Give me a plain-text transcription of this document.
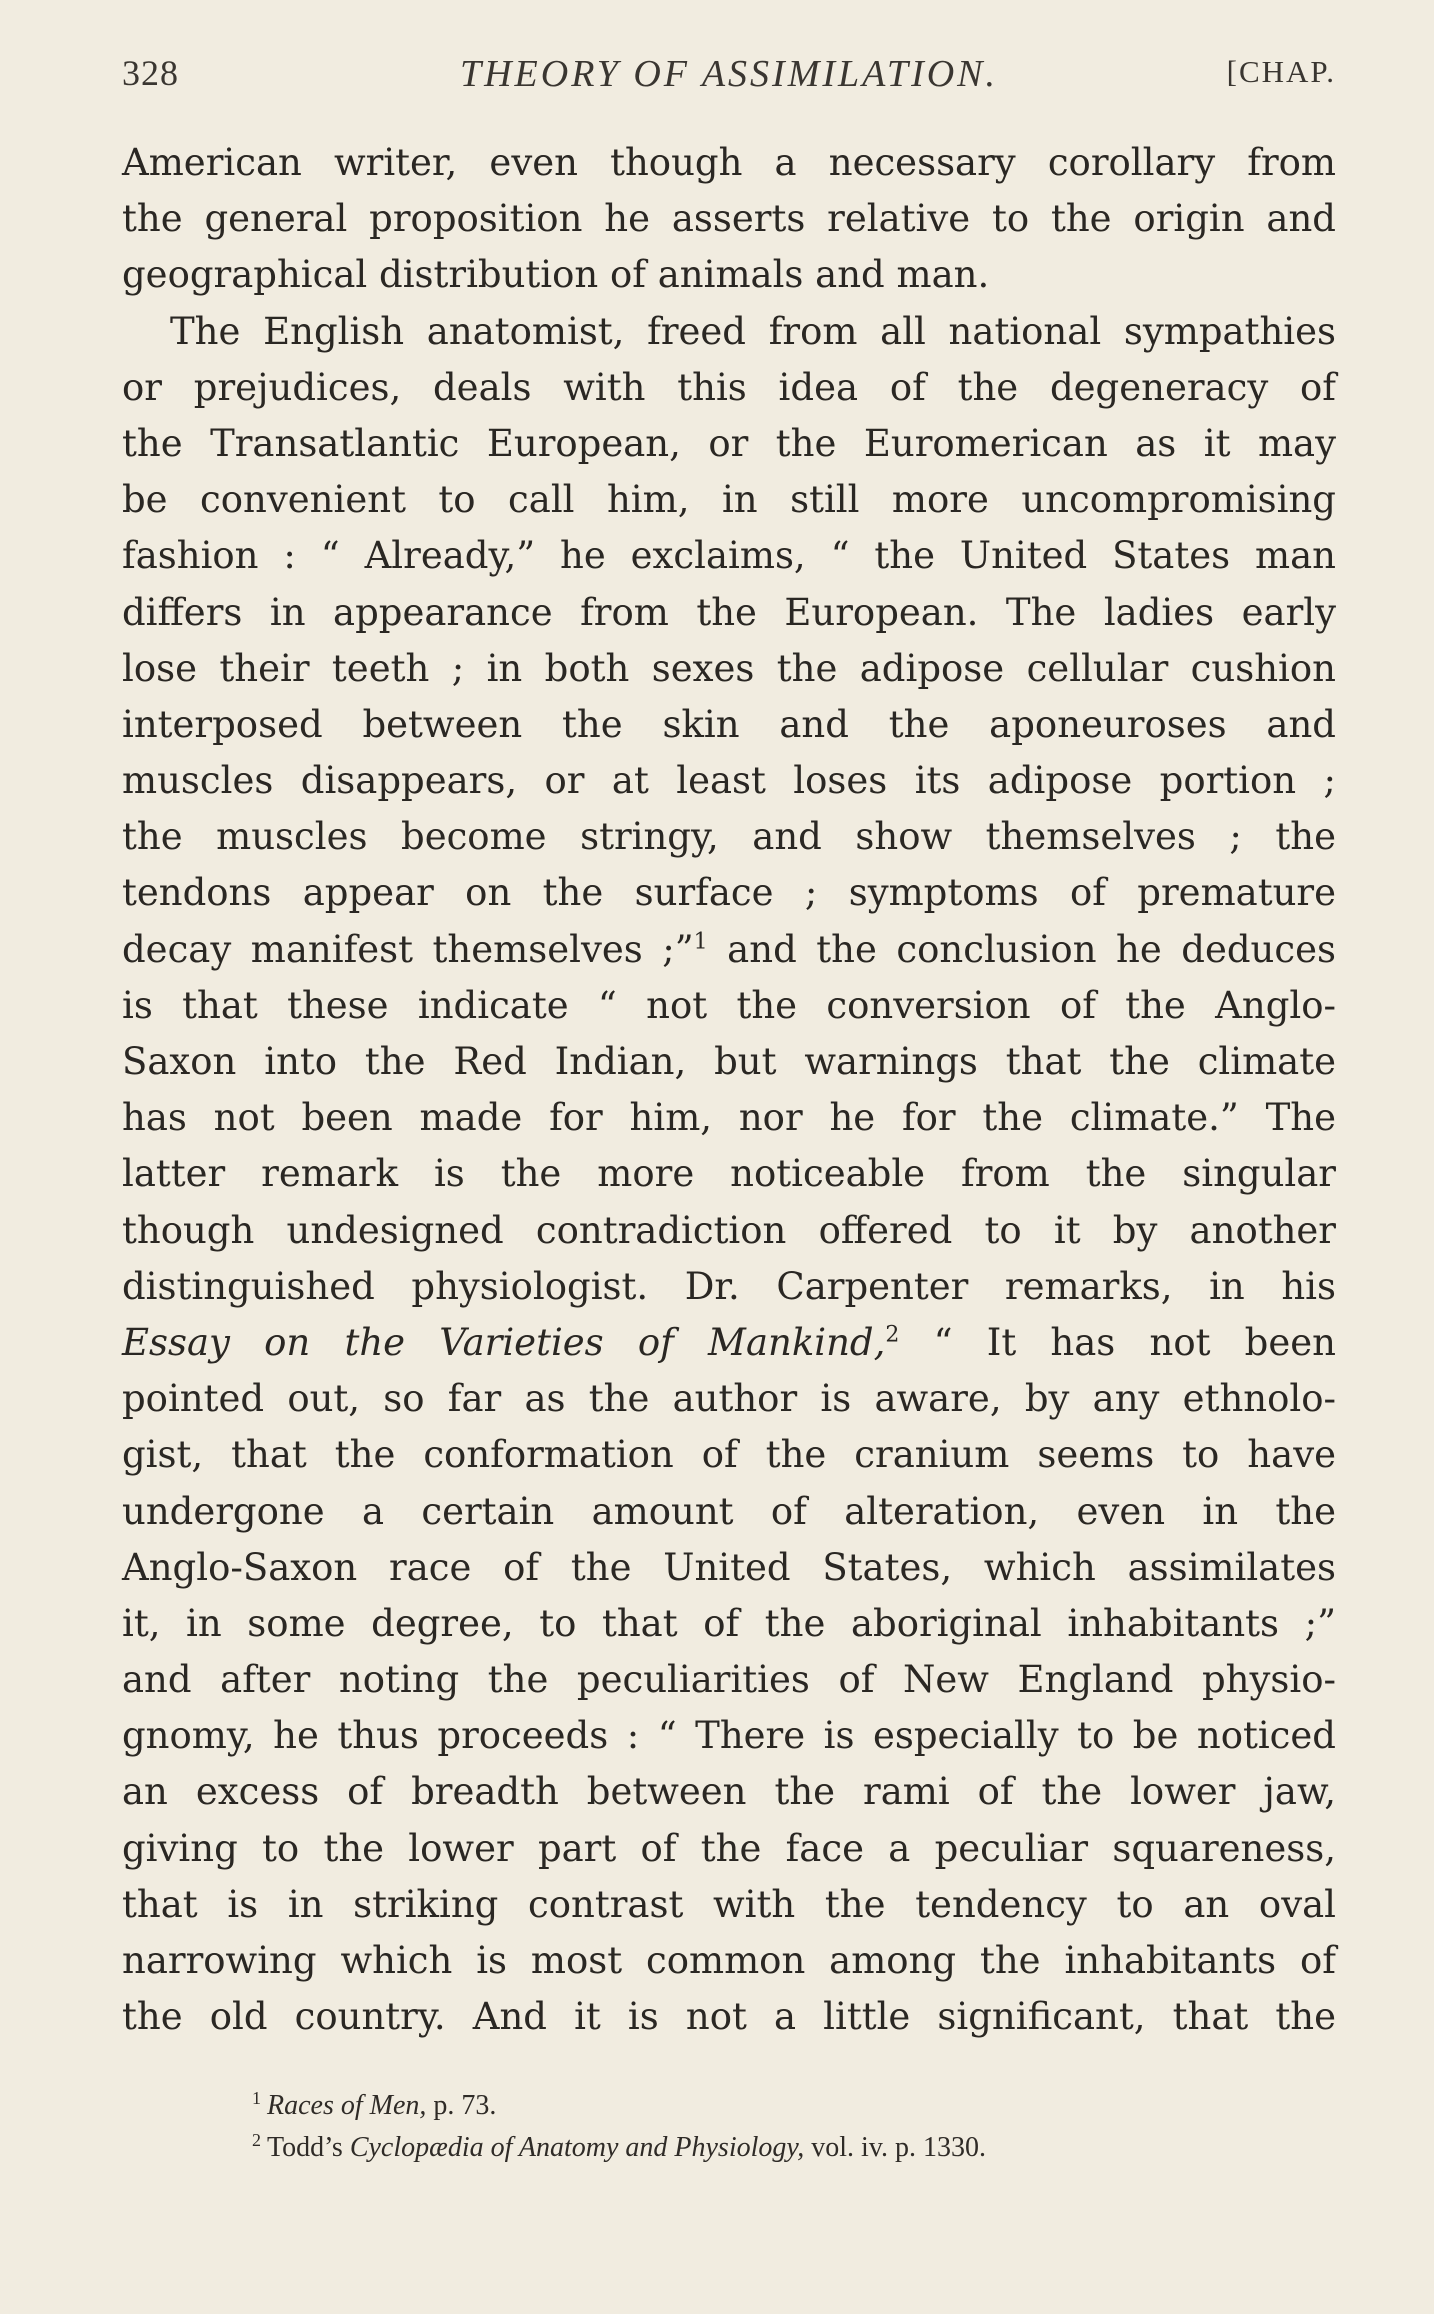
328	THEORY OF ASSIMILATION.	[CHAP.
American writer, even though a necessary corollary from
the general proposition he asserts relative to the origin and
geographical distribution of animals and man.
The English anatomist, freed from all national sympathies
or prejudices, deals with this idea of the degeneracy of
the Transatlantic European, or the Euromerican as it may
be convenient to call him, in still more uncompromising
fashion : “ Already,” he exclaims, “ the United States man
differs in appearance from the European. The ladies early
lose their teeth ; in both sexes the adipose cellular cushion
interposed between the skin and the aponeuroses and
muscles disappears, or at least loses its adipose portion ;
the muscles become stringy, and show themselves ; the
tendons appear on the surface ; symptoms of premature
decay manifest themselves ;”$^1$ and the conclusion he deduces
is that these indicate “ not the conversion of the Anglo-
Saxon into the Red Indian, but warnings that the climate
has not been made for him, nor he for the climate.” The
latter remark is the more noticeable from the singular
though undesigned contradiction offered to it by another
distinguished physiologist. Dr. Carpenter remarks, in his
Essay on the Varieties of Mankind,$^2$ “ It has not been
pointed out, so far as the author is aware, by any ethnolo-
gist, that the conformation of the cranium seems to have
undergone a certain amount of alteration, even in the
Anglo-Saxon race of the United States, which assimilates
it, in some degree, to that of the aboriginal inhabitants ;”
and after noting the peculiarities of New England physio-
gnomy, he thus proceeds : “ There is especially to be noticed
an excess of breadth between the rami of the lower jaw,
giving to the lower part of the face a peculiar squareness,
that is in striking contrast with the tendency to an oval
narrowing which is most common among the inhabitants of
the old country. And it is not a little significant, that the
$^1$ Races of Men, p. 73.
$^2$ Todd’s Cyclopædia of Anatomy and Physiology, vol. iv. p. 1330.
